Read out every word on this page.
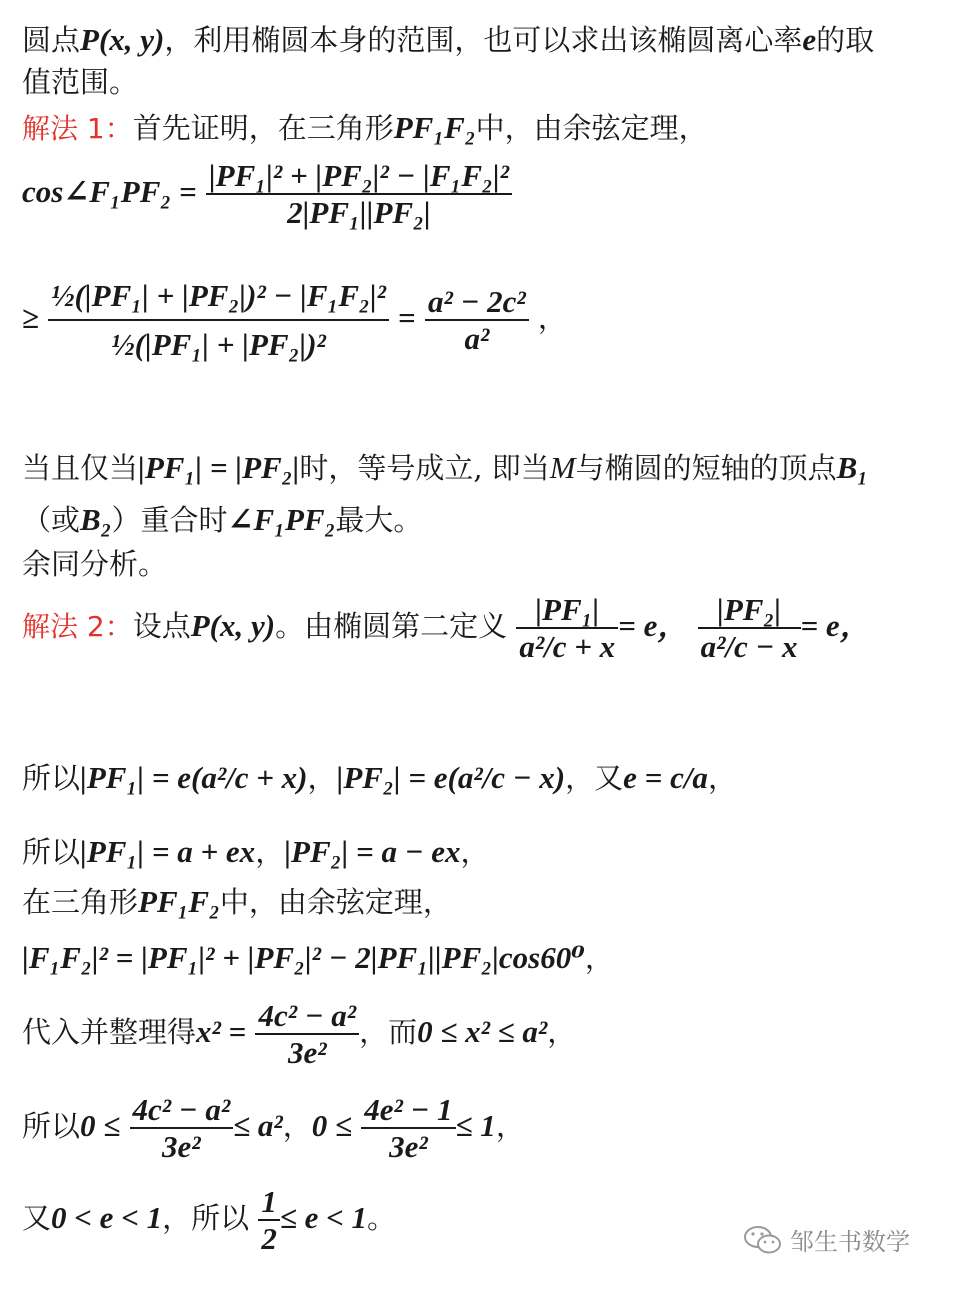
圆点P(x, y)，利用椭圆本身的范围，也可以求出该椭圆离心率e的取
值范围。
解法 1：首先证明，在三角形PF₁F₂中，由余弦定理，
cos∠F₁PF₂ = $\frac{\text{|PF₁|² + |PF₂|² − |F₁F₂|²}}{\text{2|PF₁||PF₂|}}$
≥ $\frac{\text{½(|PF₁| + |PF₂|)² − |F₁F₂|²}}{\text{½(|PF₁| + |PF₂|)²}} = \frac{\text{a² − 2c²}}{\text{a²}}$ ，
当且仅当|PF₁| = |PF₂|时，等号成立, 即当M与椭圆的短轴的顶点B₁
（或B₂）重合时∠F₁PF₂最大。
余同分析。
解法 2：设点P(x, y)。由椭圆第二定义 $\frac{\text{|PF₁|}}{\text{a²/c + x}} = e$， $\frac{\text{|PF₂|}}{\text{a²/c − x}} = e$，
所以|PF₁| = e(a²/c + x)，|PF₂| = e(a²/c − x)，又e = c/a，
所以|PF₁| = a + ex，|PF₂| = a − ex，
在三角形PF₁F₂中，由余弦定理，
|F₁F₂|² = |PF₁|² + |PF₂|² − 2|PF₁||PF₂|cos60⁰，
代入并整理得$x^2 = \frac{\text{4c² − a²}}{\text{3e²}}$ ，而0 ≤ x² ≤ a²，
所以$0 \le \frac{\text{4c² − a²}}{\text{3e²}} \le a^2$，$0 \le \frac{\text{4e² − 1}}{\text{3e²}} \le 1$，
又0 < e < 1，所以 $\frac{1}{2} \le e < 1$。
邹生书数学
